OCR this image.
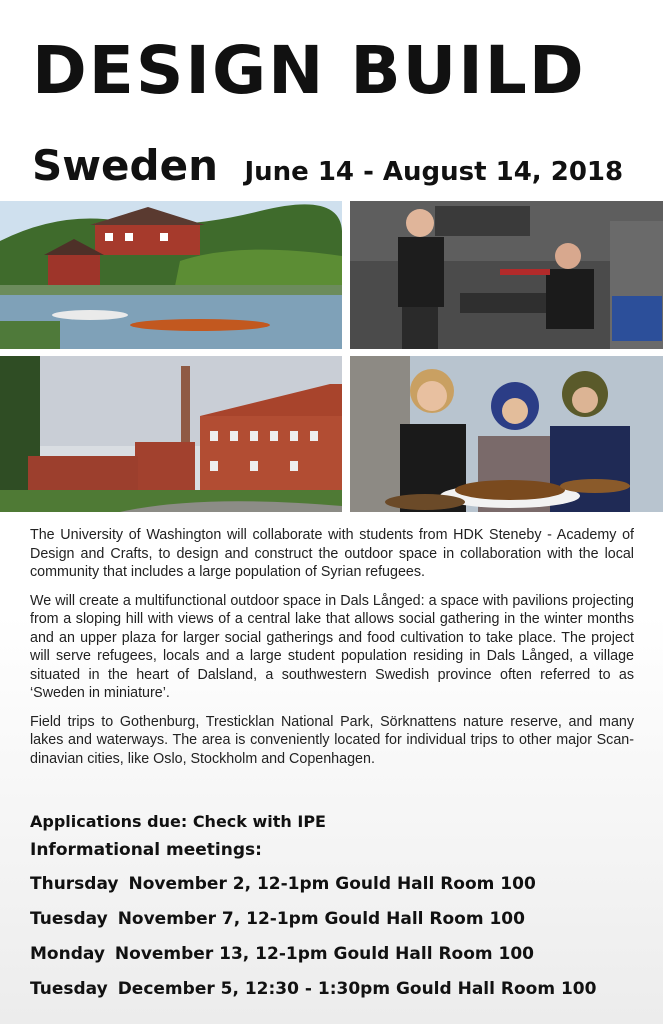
DESIGN BUILD
Sweden June 14 - August 14, 2018

The University of Washington will collaborate with students from HDK Steneby - Academy of Design and Crafts, to design and construct the outdoor space in collaboration with the local community that includes a large population of Syrian refugees.

We will create a multifunctional outdoor space in Dals Långed: a space with pavilions projecting from a sloping hill with views of a central lake that allows social gathering in the winter months and an upper plaza for larger social gatherings and food cultivation to take place. The project will serve refugees, locals and a large student population residing in Dals Långed, a village situated in the heart of Dalsland, a southwestern Swedish province often referred to as ‘Sweden in miniature’.

Field trips to Gothenburg, Tresticklan National Park, Sörknattens nature reserve, and many lakes and waterways. The area is conveniently located for individual trips to other major Scan-dinavian cities, like Oslo, Stockholm and Copenhagen.

Applications due: Check with IPE
Informational meetings:
Thursday November 2, 12-1pm Gould Hall Room 100
Tuesday November 7, 12-1pm Gould Hall Room 100
Monday November 13, 12-1pm Gould Hall Room 100
Tuesday December 5, 12:30 - 1:30pm Gould Hall Room 100
